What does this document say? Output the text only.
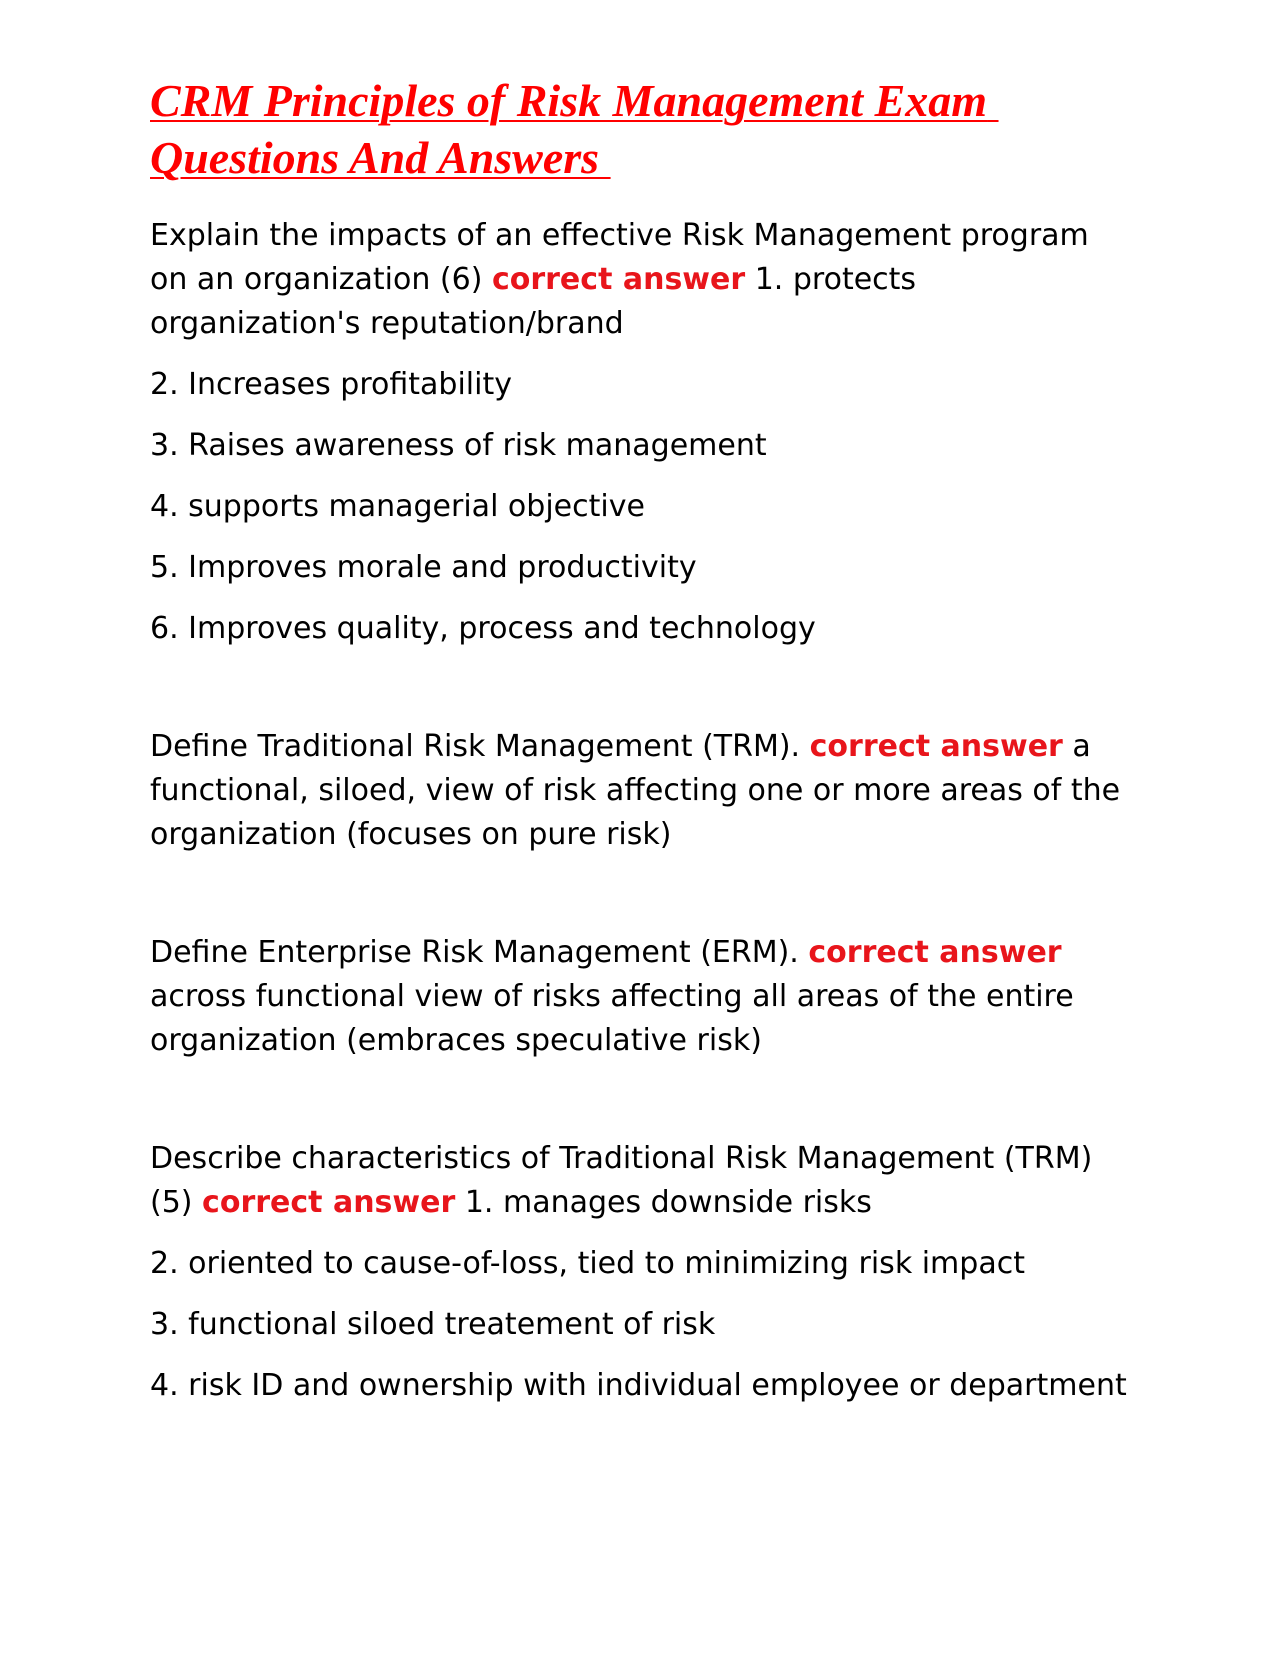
CRM Principles of Risk Management Exam Questions And Answers
Explain the impacts of an effective Risk Management program on an organization (6) correct answer 1. protects organization's reputation/brand
2. Increases profitability
3. Raises awareness of risk management
4. supports managerial objective
5. Improves morale and productivity
6. Improves quality, process and technology
Define Traditional Risk Management (TRM). correct answer a functional, siloed, view of risk affecting one or more areas of the organization (focuses on pure risk)
Define Enterprise Risk Management (ERM). correct answer across functional view of risks affecting all areas of the entire organization (embraces speculative risk)
Describe characteristics of Traditional Risk Management (TRM) (5) correct answer 1. manages downside risks
2. oriented to cause-of-loss, tied to minimizing risk impact
3. functional siloed treatement of risk
4. risk ID and ownership with individual employee or department
